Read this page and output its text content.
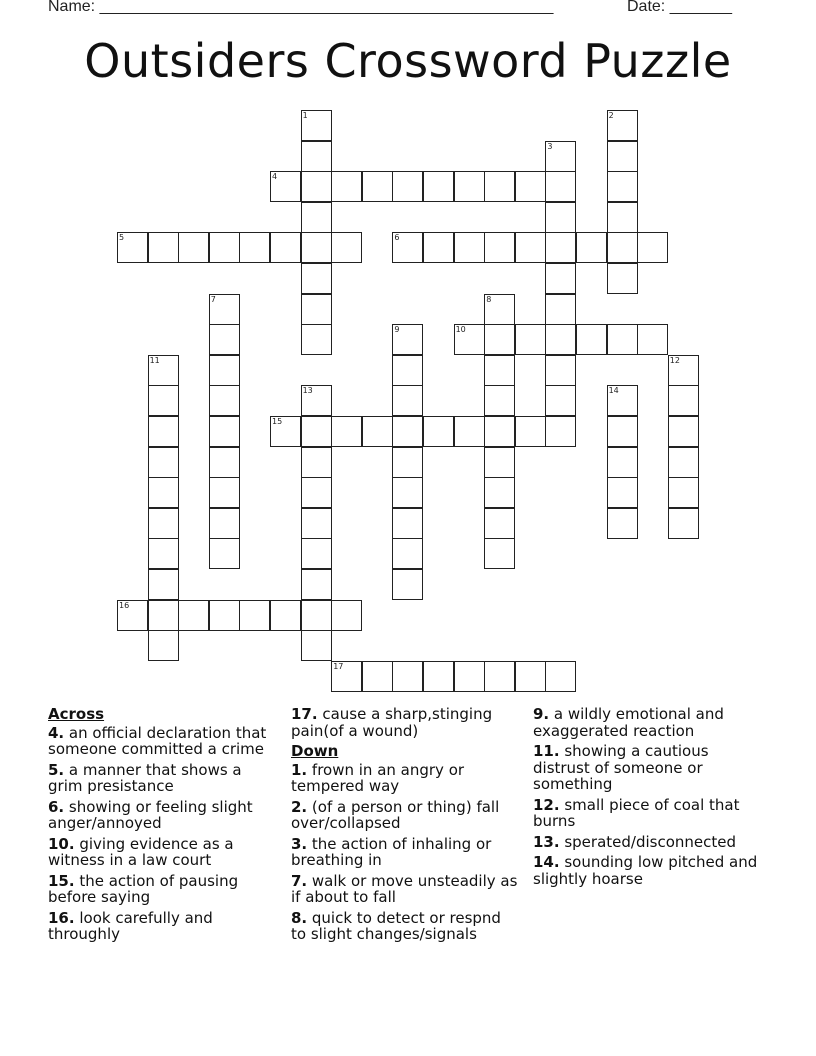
Name: ___________________________________________________	Date: _______
Outsiders Crossword Puzzle
1	2
3
4
5	6
7	8
9	10
11	12
13	14
15
16
17
Across
4. an official declaration that someone committed a crime
5. a manner that shows a grim presistance
6. showing or feeling slight anger/annoyed
10. giving evidence as a witness in a law court
15. the action of pausing before saying
16. look carefully and throughly
17. cause a sharp,stinging pain(of a wound)
Down
1. frown in an angry or tempered way
2. (of a person or thing) fall over/collapsed
3. the action of inhaling or breathing in
7. walk or move unsteadily as if about to fall
8. quick to detect or respnd to slight changes/signals
9. a wildly emotional and exaggerated reaction
11. showing a cautious distrust of someone or something
12. small piece of coal that burns
13. sperated/disconnected
14. sounding low pitched and slightly hoarse
